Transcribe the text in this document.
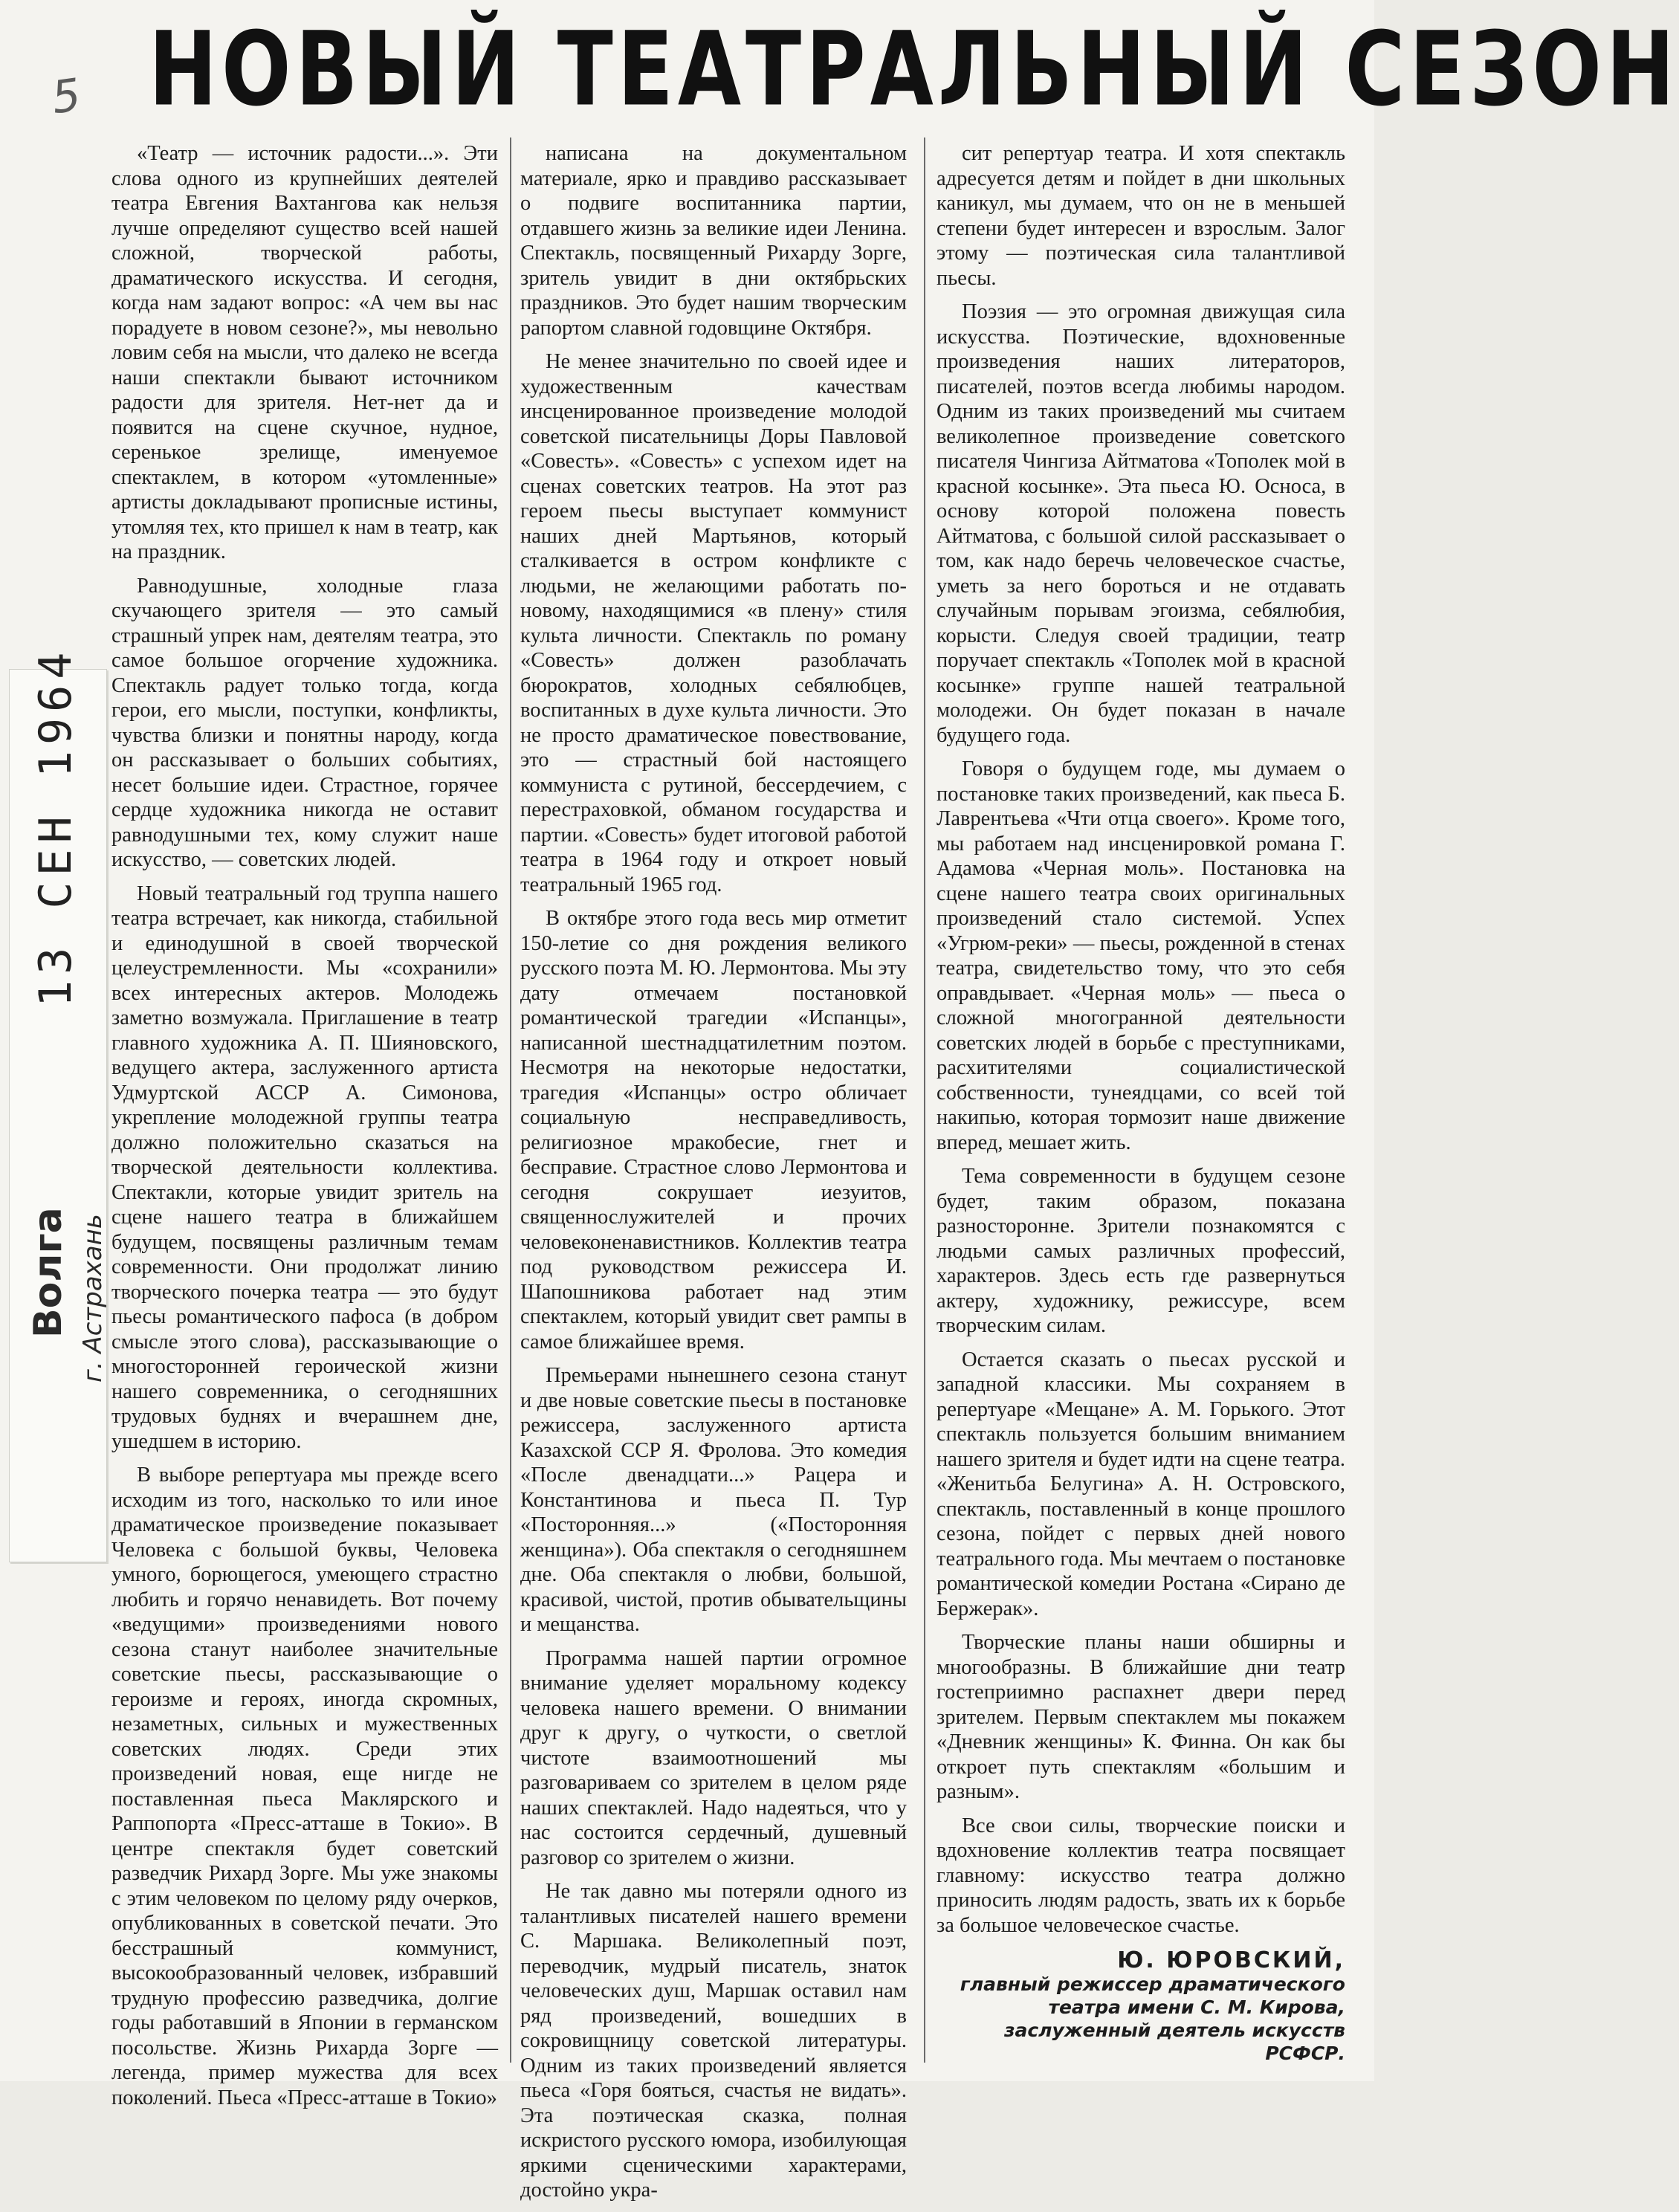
5 НОВЫЙ ТЕАТРАЛЬНЫЙ СЕЗОН
13 СЕН 1964
Волга г. Астрахань

«Театр — источник радости...». Эти слова одного из крупнейших деятелей театра Евгения Вахтангова как нельзя лучше определяют существо всей нашей сложной, творческой работы, драматического искусства. И сегодня, когда нам задают вопрос: «А чем вы нас порадуете в новом сезоне?», мы невольно ловим себя на мысли, что далеко не всегда наши спектакли бывают источником радости для зрителя. Нет-нет да и появится на сцене скучное, нудное, серенькое зрелище, именуемое спектаклем, в котором «утомленные» артисты докладывают прописные истины, утомляя тех, кто пришел к нам в театр, как на праздник.

Равнодушные, холодные глаза скучающего зрителя — это самый страшный упрек нам, деятелям театра, это самое большое огорчение художника. Спектакль радует только тогда, когда герои, его мысли, поступки, конфликты, чувства близки и понятны народу, когда он рассказывает о больших событиях, несет большие идеи. Страстное, горячее сердце художника никогда не оставит равнодушными тех, кому служит наше искусство, — советских людей.

Новый театральный год труппа нашего театра встречает, как никогда, стабильной и единодушной в своей творческой целеустремленности. Мы «сохранили» всех интересных актеров. Молодежь заметно возмужала. Приглашение в театр главного художника А. П. Шияновского, ведущего актера, заслуженного артиста Удмуртской АССР А. Симонова, укрепление молодежной группы театра должно положительно сказаться на творческой деятельности коллектива. Спектакли, которые увидит зритель на сцене нашего театра в ближайшем будущем, посвящены различным темам современности. Они продолжат линию творческого почерка театра — это будут пьесы романтического пафоса (в добром смысле этого слова), рассказывающие о многосторонней героической жизни нашего современника, о сегодняшних трудовых буднях и вчерашнем дне, ушедшем в историю.

В выборе репертуара мы прежде всего исходим из того, насколько то или иное драматическое произведение показывает Человека с большой буквы, Человека умного, борющегося, умеющего страстно любить и горячо ненавидеть. Вот почему «ведущими» произведениями нового сезона станут наиболее значительные советские пьесы, рассказывающие о героизме и героях, иногда скромных, незаметных, сильных и мужественных советских людях. Среди этих произведений новая, еще нигде не поставленная пьеса Маклярского и Раппопорта «Пресс-атташе в Токио». В центре спектакля будет советский разведчик Рихард Зорге. Мы уже знакомы с этим человеком по целому ряду очерков, опубликованных в советской печати. Это бесстрашный коммунист, высокообразованный человек, избравший трудную профессию разведчика, долгие годы работавший в Японии в германском посольстве. Жизнь Рихарда Зорге — легенда, пример мужества для всех поколений. Пьеса «Пресс-атташе в Токио»

написана на документальном материале, ярко и правдиво рассказывает о подвиге воспитанника партии, отдавшего жизнь за великие идеи Ленина. Спектакль, посвященный Рихарду Зорге, зритель увидит в дни октябрьских праздников. Это будет нашим творческим рапортом славной годовщине Октября.

Не менее значительно по своей идее и художественным качествам инсценированное произведение молодой советской писательницы Доры Павловой «Совесть». «Совесть» с успехом идет на сценах советских театров. На этот раз героем пьесы выступает коммунист наших дней Мартьянов, который сталкивается в остром конфликте с людьми, не желающими работать по-новому, находящимися «в плену» стиля культа личности. Спектакль по роману «Совесть» должен разоблачать бюрократов, холодных себялюбцев, воспитанных в духе культа личности. Это не просто драматическое повествование, это — страстный бой настоящего коммуниста с рутиной, бессердечием, с перестраховкой, обманом государства и партии. «Совесть» будет итоговой работой театра в 1964 году и откроет новый театральный 1965 год.

В октябре этого года весь мир отметит 150-летие со дня рождения великого русского поэта М. Ю. Лермонтова. Мы эту дату отмечаем постановкой романтической трагедии «Испанцы», написанной шестнадцатилетним поэтом. Несмотря на некоторые недостатки, трагедия «Испанцы» остро обличает социальную несправедливость, религиозное мракобесие, гнет и бесправие. Страстное слово Лермонтова и сегодня сокрушает иезуитов, священнослужителей и прочих человеконенавистников. Коллектив театра под руководством режиссера И. Шапошникова работает над этим спектаклем, который увидит свет рампы в самое ближайшее время.

Премьерами нынешнего сезона станут и две новые советские пьесы в постановке режиссера, заслуженного артиста Казахской ССР Я. Фролова. Это комедия «После двенадцати...» Рацера и Константинова и пьеса П. Тур «Посторонняя...» («Посторонняя женщина»). Оба спектакля о сегодняшнем дне. Оба спектакля о любви, большой, красивой, чистой, против обывательщины и мещанства.

Программа нашей партии огромное внимание уделяет моральному кодексу человека нашего времени. О внимании друг к другу, о чуткости, о светлой чистоте взаимоотношений мы разговариваем со зрителем в целом ряде наших спектаклей. Надо надеяться, что у нас состоится сердечный, душевный разговор со зрителем о жизни.

Не так давно мы потеряли одного из талантливых писателей нашего времени С. Маршака. Великолепный поэт, переводчик, мудрый писатель, знаток человеческих душ, Маршак оставил нам ряд произведений, вошедших в сокровищницу советской литературы. Одним из таких произведений является пьеса «Горя бояться, счастья не видать». Эта поэтическая сказка, полная искристого русского юмора, изобилующая яркими сценическими характерами, достойно укра-

сит репертуар театра. И хотя спектакль адресуется детям и пойдет в дни школьных каникул, мы думаем, что он не в меньшей степени будет интересен и взрослым. Залог этому — поэтическая сила талантливой пьесы.

Поэзия — это огромная движущая сила искусства. Поэтические, вдохновенные произведения наших литераторов, писателей, поэтов всегда любимы народом. Одним из таких произведений мы считаем великолепное произведение советского писателя Чингиза Айтматова «Тополек мой в красной косынке». Эта пьеса Ю. Осноса, в основу которой положена повесть Айтматова, с большой силой рассказывает о том, как надо беречь человеческое счастье, уметь за него бороться и не отдавать случайным порывам эгоизма, себялюбия, корысти. Следуя своей традиции, театр поручает спектакль «Тополек мой в красной косынке» группе нашей театральной молодежи. Он будет показан в начале будущего года.

Говоря о будущем годе, мы думаем о постановке таких произведений, как пьеса Б. Лаврентьева «Чти отца своего». Кроме того, мы работаем над инсценировкой романа Г. Адамова «Черная моль». Постановка на сцене нашего театра своих оригинальных произведений стало системой. Успех «Угрюм-реки» — пьесы, рожденной в стенах театра, свидетельство тому, что это себя оправдывает. «Черная моль» — пьеса о сложной многогранной деятельности советских людей в борьбе с преступниками, расхитителями социалистической собственности, тунеядцами, со всей той накипью, которая тормозит наше движение вперед, мешает жить.

Тема современности в будущем сезоне будет, таким образом, показана разносторонне. Зрители познакомятся с людьми самых различных профессий, характеров. Здесь есть где развернуться актеру, художнику, режиссуре, всем творческим силам.

Остается сказать о пьесах русской и западной классики. Мы сохраняем в репертуаре «Мещане» А. М. Горького. Этот спектакль пользуется большим вниманием нашего зрителя и будет идти на сцене театра. «Женитьба Белугина» А. Н. Островского, спектакль, поставленный в конце прошлого сезона, пойдет с первых дней нового театрального года. Мы мечтаем о постановке романтической комедии Ростана «Сирано де Бержерак».

Творческие планы наши обширны и многообразны. В ближайшие дни театр гостеприимно распахнет двери перед зрителем. Первым спектаклем мы покажем «Дневник женщины» К. Финна. Он как бы откроет путь спектаклям «большим и разным».

Все свои силы, творческие поиски и вдохновение коллектив театра посвящает главному: искусство театра должно приносить людям радость, звать их к борьбе за большое человеческое счастье.

Ю. ЮРОВСКИЙ,
главный режиссер драматического
театра имени С. М. Кирова,
заслуженный деятель искусств
РСФСР.
